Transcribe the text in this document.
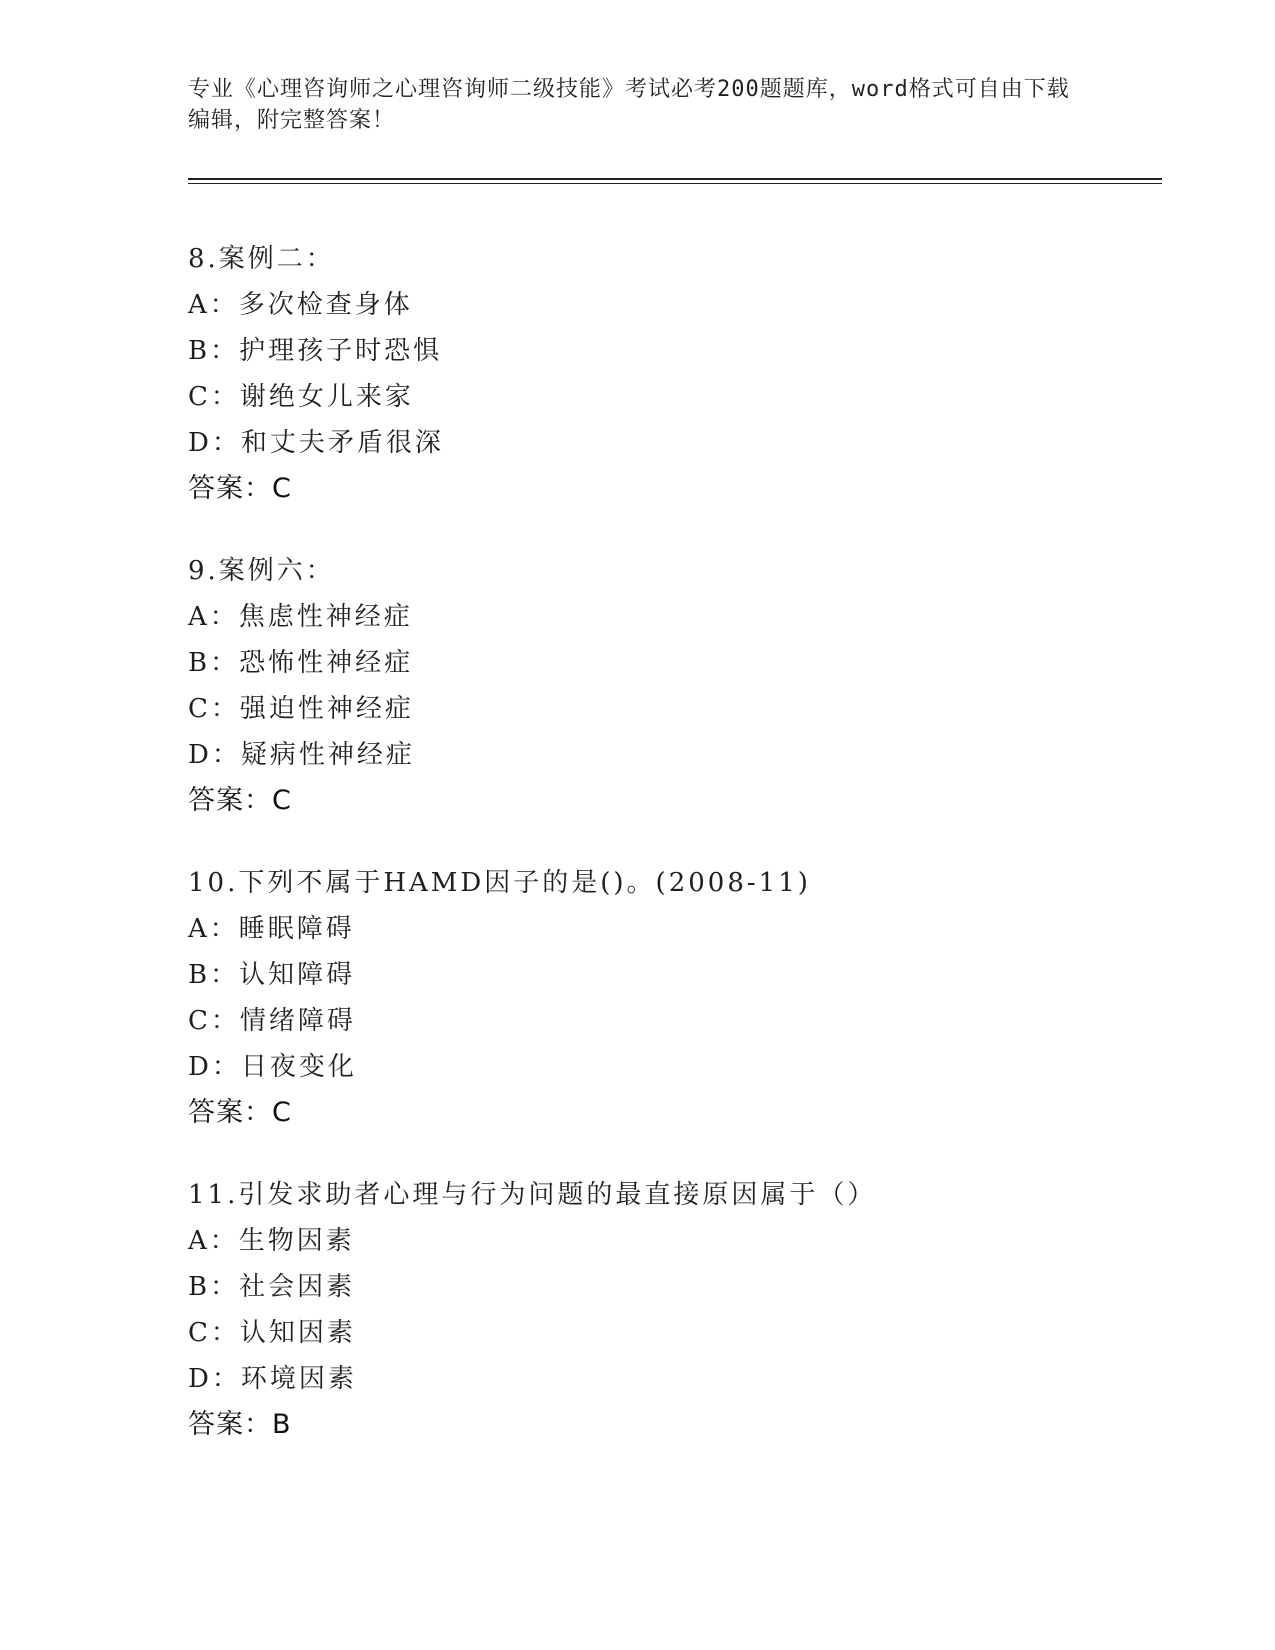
专业《心理咨询师之心理咨询师二级技能》考试必考200题题库，word格式可自由下载编辑，附完整答案！
8.案例二：
A：多次检查身体
B：护理孩子时恐惧
C：谢绝女儿来家
D：和丈夫矛盾很深
答案：C
9.案例六：
A：焦虑性神经症
B：恐怖性神经症
C：强迫性神经症
D：疑病性神经症
答案：C
10.下列不属于HAMD因子的是()。(2008-11)
A：睡眠障碍
B：认知障碍
C：情绪障碍
D：日夜变化
答案：C
11.引发求助者心理与行为问题的最直接原因属于（）
A：生物因素
B：社会因素
C：认知因素
D：环境因素
答案：B
